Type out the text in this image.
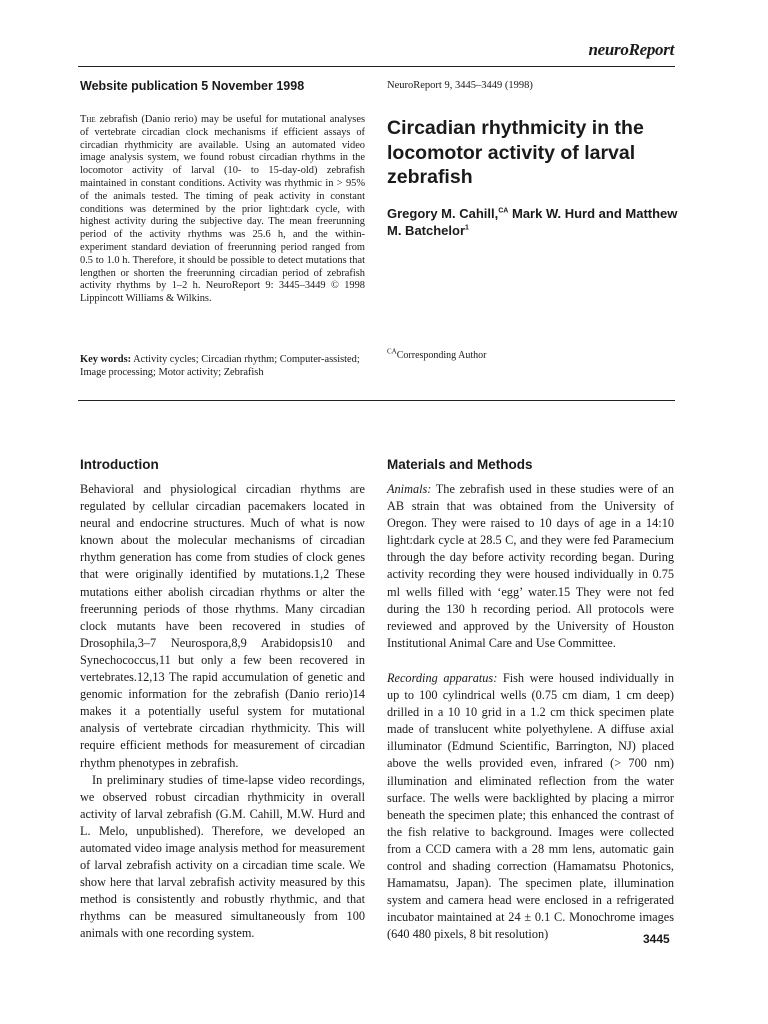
neuroReport
Website publication 5 November 1998	NeuroReport 9, 3445–3449 (1998)
The zebrafish (Danio rerio) may be useful for mutational analyses of vertebrate circadian clock mechanisms if efficient assays of circadian rhythmicity are available. Using an automated video image analysis system, we found robust circadian rhythms in the locomotor activity of larval (10- to 15-day-old) zebrafish maintained in constant conditions. Activity was rhythmic in > 95% of the animals tested. The timing of peak activity in constant conditions was determined by the prior light:dark cycle, with highest activity during the subjective day. The mean freerunning period of the activity rhythms was 25.6 h, and the within-experiment standard deviation of freerunning period ranged from 0.5 to 1.0 h. Therefore, it should be possible to detect mutations that lengthen or shorten the freerunning circadian period of zebrafish activity rhythms by 1–2 h. NeuroReport 9: 3445–3449 © 1998 Lippincott Williams & Wilkins.
Key words: Activity cycles; Circadian rhythm; Computer-assisted; Image processing; Motor activity; Zebrafish
Circadian rhythmicity in the locomotor activity of larval zebrafish
Gregory M. Cahill,$^{CA}$ Mark W. Hurd and Matthew M. Batchelor$^1$
$^{CA}$Corresponding Author
Introduction	Materials and Methods

Behavioral and physiological circadian rhythms are regulated by cellular circadian pacemakers located in neural and endocrine structures. Much of what is now known about the molecular mechanisms of circadian rhythm generation has come from studies of clock genes that were originally identified by mutations.1,2 These mutations either abolish circadian rhythms or alter the freerunning periods of those rhythms. Many circadian clock mutants have been recovered in studies of Drosophila,3–7 Neurospora,8,9 Arabidopsis10 and Synechococcus,11 but only a few been recovered in vertebrates.12,13 The rapid accumulation of genetic and genomic information for the zebrafish (Danio rerio)14 makes it a potentially useful system for mutational analysis of vertebrate circadian rhythmicity. This will require efficient methods for measurement of circadian rhythm phenotypes in zebrafish.

In preliminary studies of time-lapse video recordings, we observed robust circadian rhythmicity in overall activity of larval zebrafish (G.M. Cahill, M.W. Hurd and L. Melo, unpublished). Therefore, we developed an automated video image analysis method for measurement of larval zebrafish activity on a circadian time scale. We show here that larval zebrafish activity measured by this method is consistently and robustly rhythmic, and that rhythms can be measured simultaneously from 100 animals with one recording system.

Animals: The zebrafish used in these studies were of an AB strain that was obtained from the University of Oregon. They were raised to 10 days of age in a 14:10 light:dark cycle at 28.5 C, and they were fed Paramecium through the day before activity recording began. During activity recording they were housed individually in 0.75 ml wells filled with ‘egg’ water.15 They were not fed during the 130 h recording period. All protocols were reviewed and approved by the University of Houston Institutional Animal Care and Use Committee.

Recording apparatus: Fish were housed individually in up to 100 cylindrical wells (0.75 cm diam, 1 cm deep) drilled in a 10 10 grid in a 1.2 cm thick specimen plate made of translucent white polyethylene. A diffuse axial illuminator (Edmund Scientific, Barrington, NJ) placed above the wells provided even, infrared (> 700 nm) illumination and eliminated reflection from the water surface. The wells were backlighted by placing a mirror beneath the specimen plate; this enhanced the contrast of the fish relative to background. Images were collected from a CCD camera with a 28 mm lens, automatic gain control and shading correction (Hamamatsu Photonics, Hamamatsu, Japan). The specimen plate, illumination system and camera head were enclosed in a refrigerated incubator maintained at 24 ± 0.1 C. Monochrome images (640 480 pixels, 8 bit resolution)	3445
